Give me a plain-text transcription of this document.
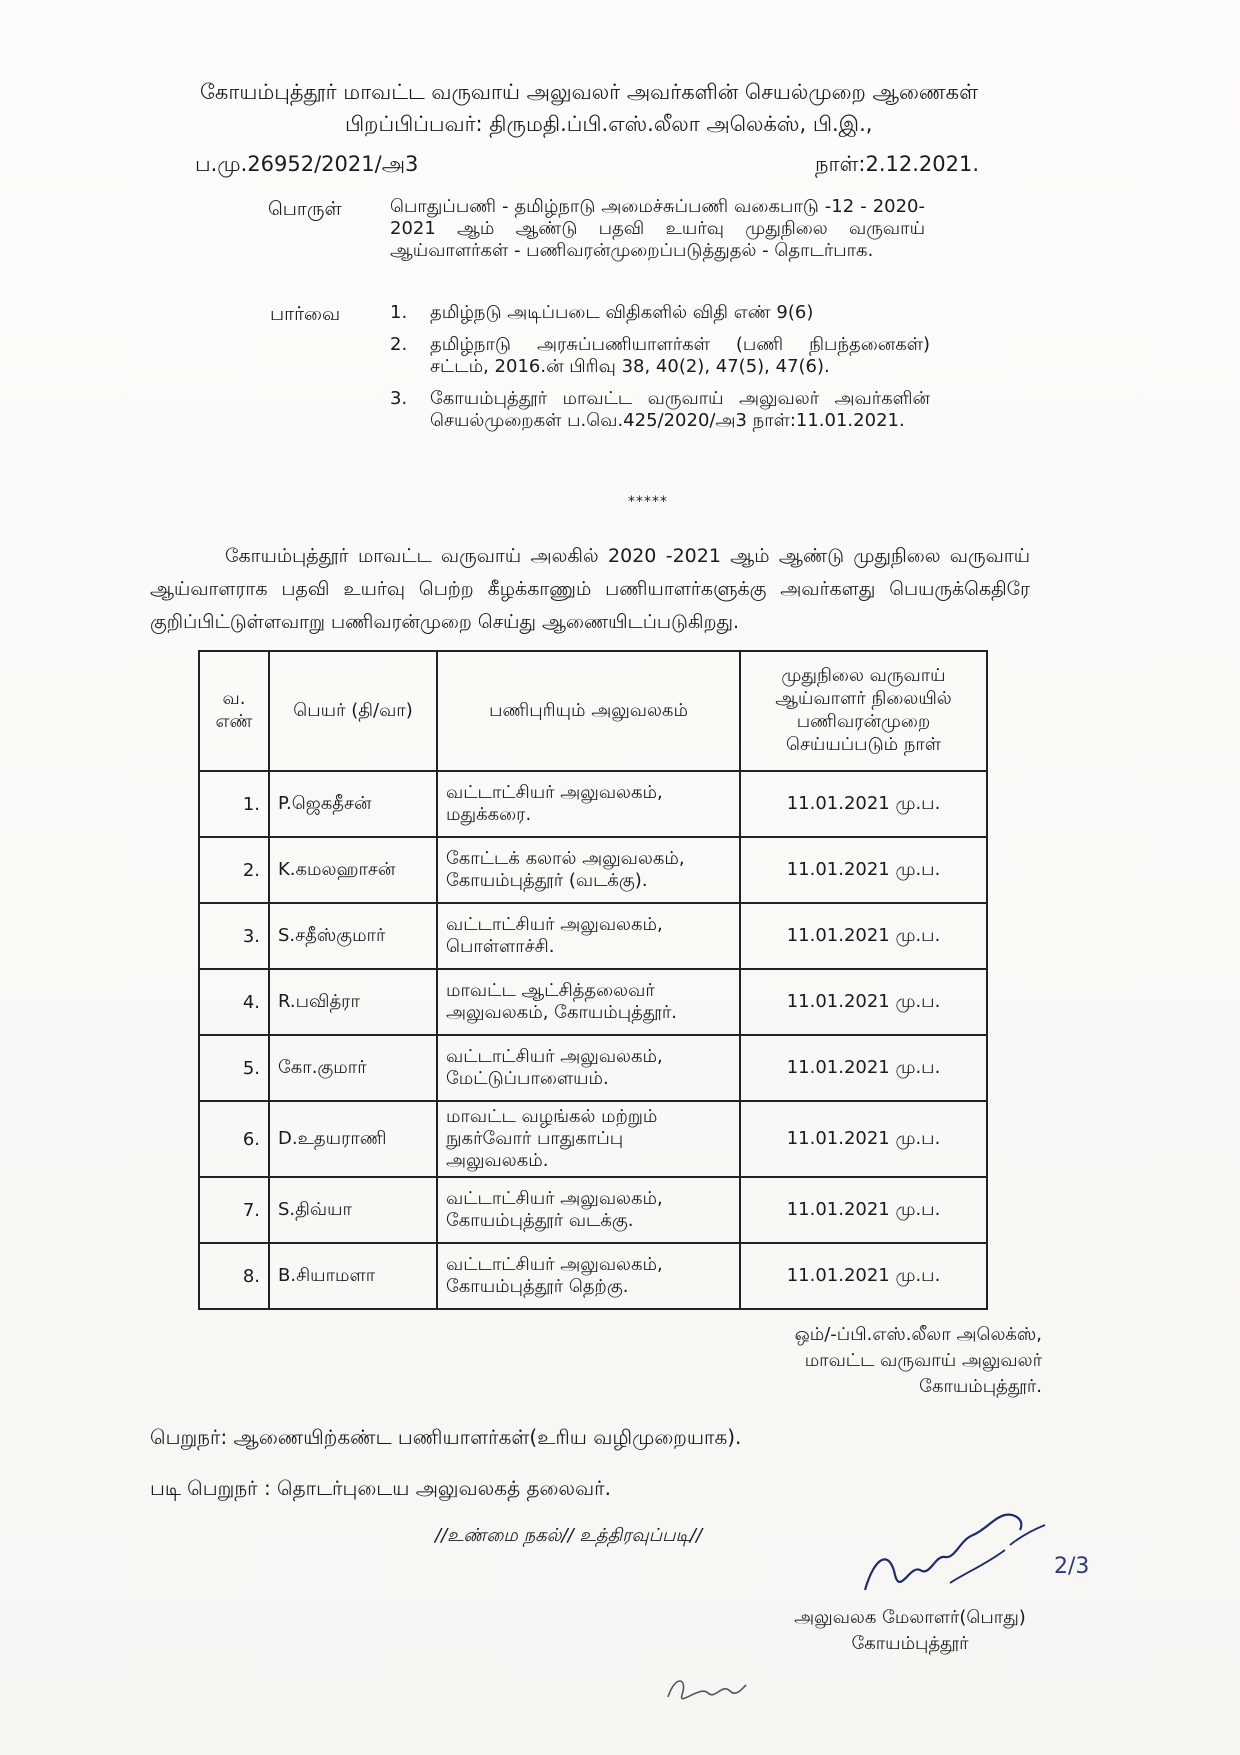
கோயம்புத்தூர் மாவட்ட வருவாய் அலுவலர் அவர்களின் செயல்முறை ஆணைகள்
பிறப்பிப்பவர்: திருமதி.ப்பி.எஸ்.லீலா அலெக்ஸ், பி.இ.,
ப.மு.26952/2021/அ3	நாள்:2.12.2021.
பொருள்	பொதுப்பணி - தமிழ்நாடு அமைச்சுப்பணி வகைபாடு -12 - 2020-2021 ஆம் ஆண்டு பதவி உயர்வு முதுநிலை வருவாய் ஆய்வாளர்கள் - பணிவரன்முறைப்படுத்துதல் - தொடர்பாக.
பார்வை	1.	தமிழ்நடு அடிப்படை விதிகளில் விதி எண் 9(6)
2.	தமிழ்நாடு அரசுப்பணியாளர்கள் (பணி நிபந்தனைகள்) சட்டம், 2016.ன் பிரிவு 38, 40(2), 47(5), 47(6).
3.	கோயம்புத்தூர் மாவட்ட வருவாய் அலுவலர் அவர்களின் செயல்முறைகள் ப.வெ.425/2020/அ3 நாள்:11.01.2021.
*****
கோயம்புத்தூர் மாவட்ட வருவாய் அலகில் 2020 -2021 ஆம் ஆண்டு முதுநிலை வருவாய் ஆய்வாளராக பதவி உயர்வு பெற்ற கீழக்காணும் பணியாளர்களுக்கு அவர்களது பெயருக்கெதிரே குறிப்பிட்டுள்ளவாறு பணிவரன்முறை செய்து ஆணையிடப்படுகிறது.
வ. எண்	பெயர் (தி/வா)	பணிபுரியும் அலுவலகம்	முதுநிலை வருவாய் ஆய்வாளர் நிலையில் பணிவரன்முறை செய்யப்படும் நாள்
1.	P.ஜெகதீசன்	வட்டாட்சியர் அலுவலகம், மதுக்கரை.	11.01.2021 மு.ப.
2.	K.கமலஹாசன்	கோட்டக் கலால் அலுவலகம், கோயம்புத்தூர் (வடக்கு).	11.01.2021 மு.ப.
3.	S.சதீஸ்குமார்	வட்டாட்சியர் அலுவலகம், பொள்ளாச்சி.	11.01.2021 மு.ப.
4.	R.பவித்ரா	மாவட்ட ஆட்சித்தலைவர் அலுவலகம், கோயம்புத்தூர்.	11.01.2021 மு.ப.
5.	கோ.குமார்	வட்டாட்சியர் அலுவலகம், மேட்டுப்பாளையம்.	11.01.2021 மு.ப.
6.	D.உதயராணி	மாவட்ட வழங்கல் மற்றும் நுகர்வோர் பாதுகாப்பு அலுவலகம்.	11.01.2021 மு.ப.
7.	S.திவ்யா	வட்டாட்சியர் அலுவலகம், கோயம்புத்தூர் வடக்கு.	11.01.2021 மு.ப.
8.	B.சியாமளா	வட்டாட்சியர் அலுவலகம், கோயம்புத்தூர் தெற்கு.	11.01.2021 மு.ப.
ஒம்/-ப்பி.எஸ்.லீலா அலெக்ஸ்,
மாவட்ட வருவாய் அலுவலர்
கோயம்புத்தூர்.
பெறுநர்: ஆணையிற்கண்ட பணியாளர்கள்(உரிய வழிமுறையாக).
படி பெறுநர் : தொடர்புடைய அலுவலகத் தலைவர்.
//உண்மை நகல்// உத்திரவுப்படி//
2/3
அலுவலக மேலாளர்(பொது)
கோயம்புத்தூர்
